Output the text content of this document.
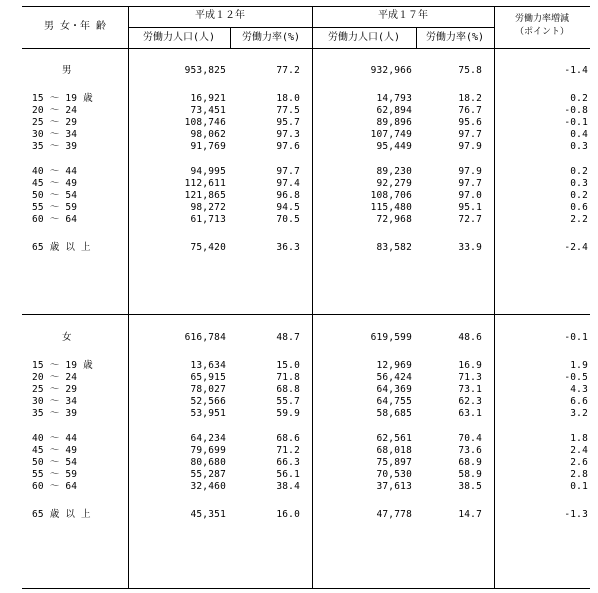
男 女・年 齢
平成１２年	平成１７年	労働力率増減
（ポイント）
労働力人口(人)	労働力率(%)	労働力人口(人)	労働力率(%)
男	953,825	77.2	932,966	75.8	-1.4
15 ～ 19 歳	16,921	18.0	14,793	18.2	0.2
20 ～ 24	73,451	77.5	62,894	76.7	-0.8
25 ～ 29	108,746	95.7	89,896	95.6	-0.1
30 ～ 34	98,062	97.3	107,749	97.7	0.4
35 ～ 39	91,769	97.6	95,449	97.9	0.3
40 ～ 44	94,995	97.7	89,230	97.9	0.2
45 ～ 49	112,611	97.4	92,279	97.7	0.3
50 ～ 54	121,865	96.8	108,706	97.0	0.2
55 ～ 59	98,272	94.5	115,480	95.1	0.6
60 ～ 64	61,713	70.5	72,968	72.7	2.2
65 歳 以 上	75,420	36.3	83,582	33.9	-2.4
女	616,784	48.7	619,599	48.6	-0.1
15 ～ 19 歳	13,634	15.0	12,969	16.9	1.9
20 ～ 24	65,915	71.8	56,424	71.3	-0.5
25 ～ 29	78,027	68.8	64,369	73.1	4.3
30 ～ 34	52,566	55.7	64,755	62.3	6.6
35 ～ 39	53,951	59.9	58,685	63.1	3.2
40 ～ 44	64,234	68.6	62,561	70.4	1.8
45 ～ 49	79,699	71.2	68,018	73.6	2.4
50 ～ 54	80,680	66.3	75,897	68.9	2.6
55 ～ 59	55,287	56.1	70,530	58.9	2.8
60 ～ 64	32,460	38.4	37,613	38.5	0.1
65 歳 以 上	45,351	16.0	47,778	14.7	-1.3
